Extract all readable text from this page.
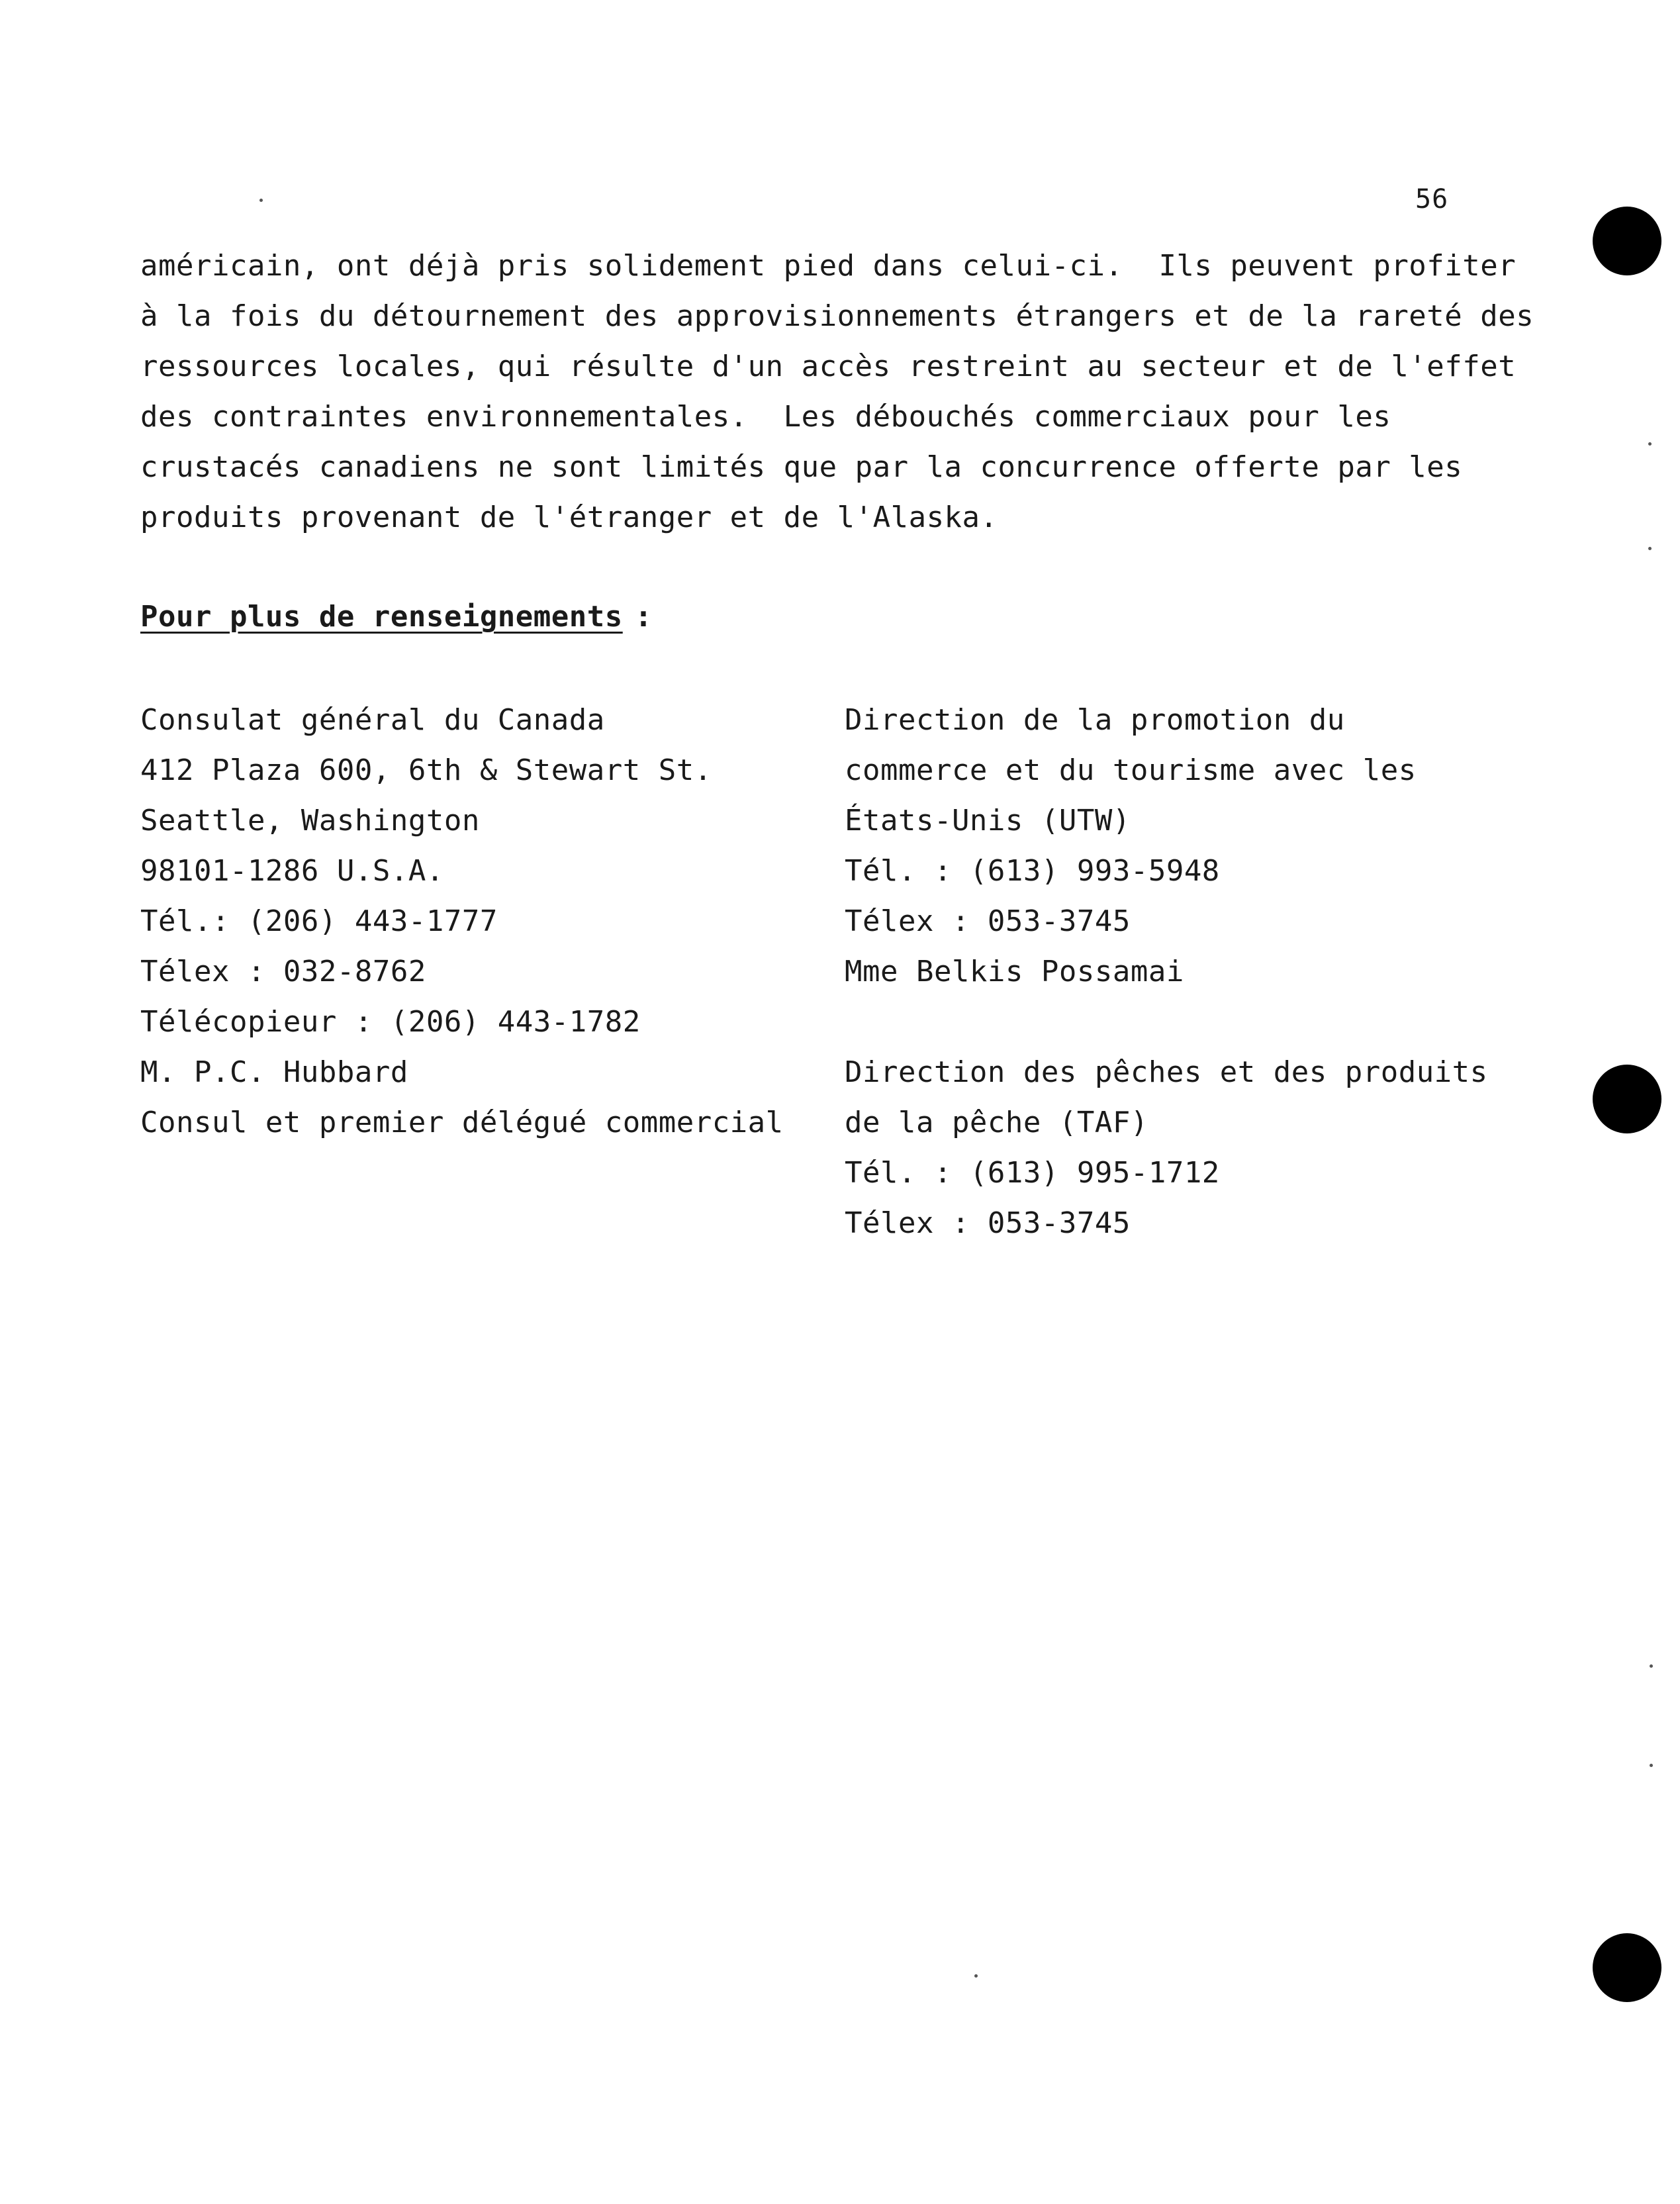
56
américain, ont déjà pris solidement pied dans celui-ci.  Ils peuvent profiter
à la fois du détournement des approvisionnements étrangers et de la rareté des
ressources locales, qui résulte d'un accès restreint au secteur et de l'effet
des contraintes environnementales.  Les débouchés commerciaux pour les
crustacés canadiens ne sont limités que par la concurrence offerte par les
produits provenant de l'étranger et de l'Alaska.
Pour plus de renseignements :
Consulat général du Canada
412 Plaza 600, 6th & Stewart St.
Seattle, Washington
98101-1286 U.S.A.
Tél.: (206) 443-1777
Télex : 032-8762
Télécopieur : (206) 443-1782
M. P.C. Hubbard
Consul et premier délégué commercial
Direction de la promotion du
commerce et du tourisme avec les
États-Unis (UTW)
Tél. : (613) 993-5948
Télex : 053-3745
Mme Belkis Possamai
Direction des pêches et des produits
de la pêche (TAF)
Tél. : (613) 995-1712
Télex : 053-3745
